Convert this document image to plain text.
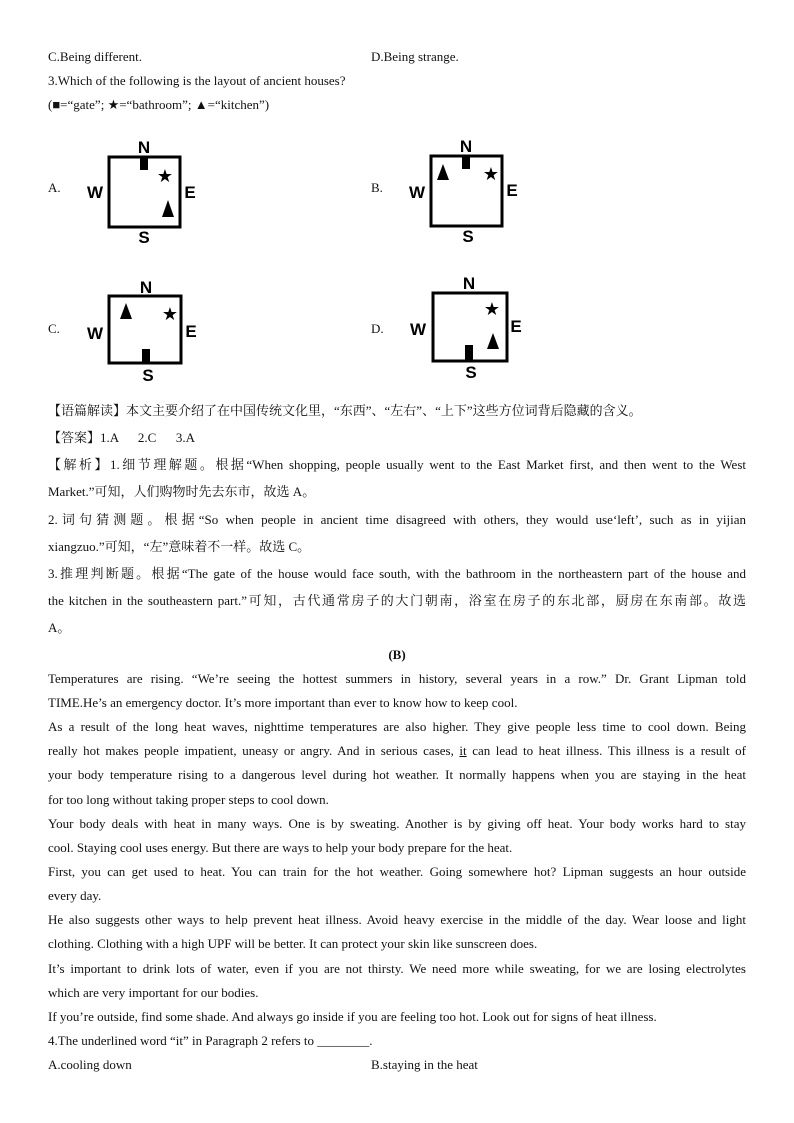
C.Being different.	D.Being strange.
3.Which of the following is the layout of ancient houses?
(■=“gate”; ★=“bathroom”; ▲=“kitchen”)
A.
★
N
S
W	E	B.
★
N
S
W	E
C.
★
N
S
W	E	D.
★
N
S
W	E
【语篇解读】本文主要介绍了在中国传统文化里，“东西”、“左右”、“上下”这些方位词背后隐藏的含义。
【答案】1.A      2.C      3.A
【解析】1.细节理解题。根据“When shopping, people usually went to the East Market first, and then went to the West
Market.”可知，人们购物时先去东市，故选 A。
2.词句猜测题。根据“So when people in ancient time disagreed with others, they would use‘left’, such as in yijian
xiangzuo.”可知，“左”意味着不一样。故选 C。
3.推理判断题。根据“The gate of the house would face south, with the bathroom in the northeastern part of the house and
the kitchen in the southeastern part.”可知，古代通常房子的大门朝南，浴室在房子的东北部，厨房在东南部。故选
A。
(B)
Temperatures are rising. “We’re seeing the hottest summers in history, several years in a row.” Dr. Grant Lipman told
TIME.He’s an emergency doctor. It’s more important than ever to know how to keep cool.
As a result of the long heat waves, nighttime temperatures are also higher. They give people less time to cool down. Being
really hot makes people impatient, uneasy or angry. And in serious cases, it can lead to heat illness. This illness is a result of
your body temperature rising to a dangerous level during hot weather. It normally happens when you are staying in the heat
for too long without taking proper steps to cool down.
Your body deals with heat in many ways. One is by sweating. Another is by giving off heat. Your body works hard to stay
cool. Staying cool uses energy. But there are ways to help your body prepare for the heat.
First, you can get used to heat. You can train for the hot weather. Going somewhere hot? Lipman suggests an hour outside
every day.
He also suggests other ways to help prevent heat illness. Avoid heavy exercise in the middle of the day. Wear loose and light
clothing. Clothing with a high UPF will be better. It can protect your skin like sunscreen does.
It’s important to drink lots of water, even if you are not thirsty. We need more while sweating, for we are losing electrolytes
which are very important for our bodies.
If you’re outside, find some shade. And always go inside if you are feeling too hot. Look out for signs of heat illness.
4.The underlined word “it” in Paragraph 2 refers to ________.
A.cooling down	B.staying in the heat
